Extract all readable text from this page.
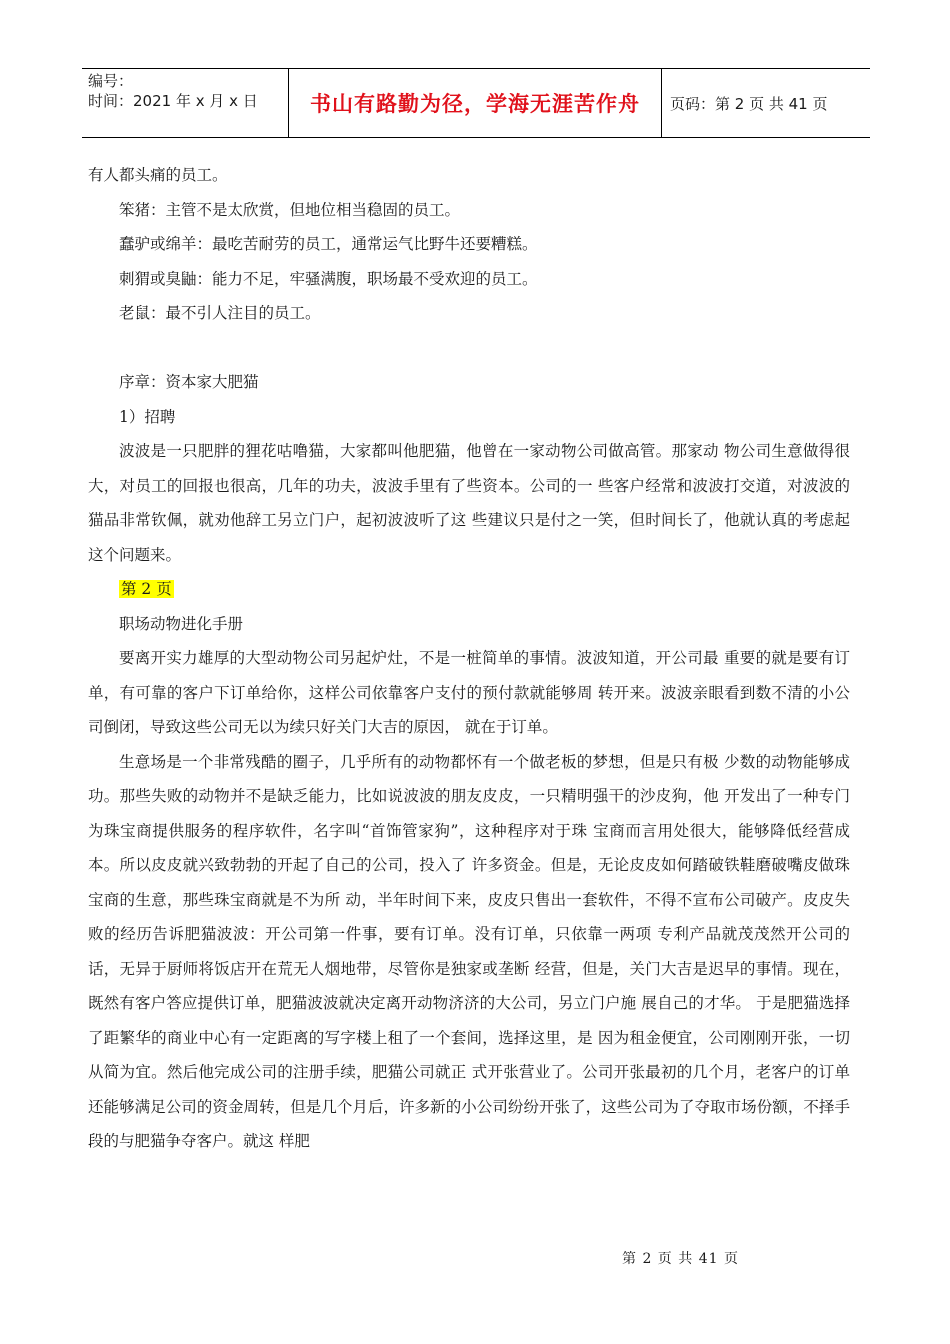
编号：
时间：2021 年 x 月 x 日	书山有路勤为径，学海无涯苦作舟	页码：第 2 页 共 41 页

有人都头痛的员工。

笨猪：主管不是太欣赏，但地位相当稳固的员工。

蠢驴或绵羊：最吃苦耐劳的员工，通常运气比野牛还要糟糕。

刺猬或臭鼬：能力不足，牢骚满腹，职场最不受欢迎的员工。

老鼠：最不引人注目的员工。

序章：资本家大肥猫

1）招聘

波波是一只肥胖的狸花咕噜猫，大家都叫他肥猫，他曾在一家动物公司做高管。那家动 物公司生意做得很大，对员工的回报也很高，几年的功夫，波波手里有了些资本。公司的一 些客户经常和波波打交道，对波波的猫品非常钦佩，就劝他辞工另立门户，起初波波听了这 些建议只是付之一笑，但时间长了，他就认真的考虑起这个问题来。

第 2 页

职场动物进化手册

要离开实力雄厚的大型动物公司另起炉灶，不是一桩简单的事情。波波知道，开公司最 重要的就是要有订单，有可靠的客户下订单给你，这样公司依靠客户支付的预付款就能够周 转开来。波波亲眼看到数不清的小公司倒闭，导致这些公司无以为续只好关门大吉的原因， 就在于订单。

生意场是一个非常残酷的圈子，几乎所有的动物都怀有一个做老板的梦想，但是只有极 少数的动物能够成功。那些失败的动物并不是缺乏能力，比如说波波的朋友皮皮，一只精明强干的沙皮狗，他 开发出了一种专门为珠宝商提供服务的程序软件，名字叫“首饰管家狗”，这种程序对于珠 宝商而言用处很大，能够降低经营成本。所以皮皮就兴致勃勃的开起了自己的公司，投入了 许多资金。但是，无论皮皮如何踏破铁鞋磨破嘴皮做珠宝商的生意，那些珠宝商就是不为所 动，半年时间下来，皮皮只售出一套软件，不得不宣布公司破产。皮皮失败的经历告诉肥猫波波：开公司第一件事，要有订单。没有订单，只依靠一两项 专利产品就茂茂然开公司的话，无异于厨师将饭店开在荒无人烟地带，尽管你是独家或垄断 经营，但是，关门大吉是迟早的事情。现在，既然有客户答应提供订单，肥猫波波就决定离开动物济济的大公司，另立门户施 展自己的才华。 于是肥猫选择了距繁华的商业中心有一定距离的写字楼上租了一个套间，选择这里，是 因为租金便宜，公司刚刚开张，一切从简为宜。然后他完成公司的注册手续，肥猫公司就正 式开张营业了。公司开张最初的几个月，老客户的订单还能够满足公司的资金周转，但是几个月后，许多新的小公司纷纷开张了，这些公司为了夺取市场份额，不择手段的与肥猫争夺客户。就这 样肥

第 2 页 共 41 页
